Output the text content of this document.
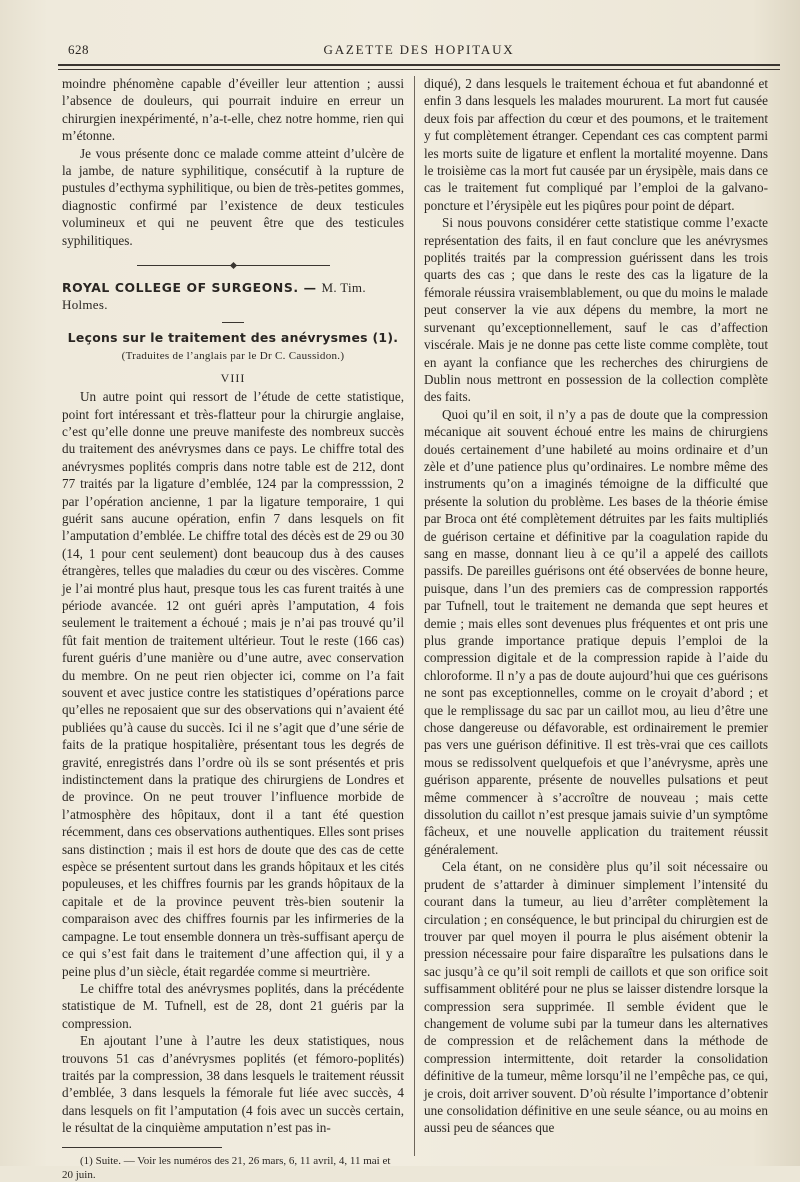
628	GAZETTE DES HOPITAUX

moindre phénomène capable d’éveiller leur attention ; aussi l’absence de douleurs, qui pourrait induire en erreur un chirurgien inexpérimenté, n’a-t-elle, chez notre homme, rien qui m’étonne.

Je vous présente donc ce malade comme atteint d’ulcère de la jambe, de nature syphilitique, consécutif à la rupture de pustules d’ecthyma syphilitique, ou bien de très-petites gommes, diagnostic confirmé par l’existence de deux testicules volumineux et qui ne peuvent être que des testicules syphilitiques.

ROYAL COLLEGE OF SURGEONS. — M. Tim. Holmes.
Leçons sur le traitement des anévrysmes (1).
(Traduites de l’anglais par le Dr C. Caussidon.)
VIII

Un autre point qui ressort de l’étude de cette statistique, point fort intéressant et très-flatteur pour la chirurgie anglaise, c’est qu’elle donne une preuve manifeste des nombreux succès du traitement des anévrysmes dans ce pays. Le chiffre total des anévrysmes poplités compris dans notre table est de 212, dont 77 traités par la ligature d’emblée, 124 par la compresssion, 2 par l’opération ancienne, 1 par la ligature temporaire, 1 qui guérit sans aucune opération, enfin 7 dans lesquels on fit l’amputation d’emblée. Le chiffre total des décès est de 29 ou 30 (14, 1 pour cent seulement) dont beaucoup dus à des causes étrangères, telles que maladies du cœur ou des viscères. Comme je l’ai montré plus haut, presque tous les cas furent traités à une période avancée. 12 ont guéri après l’amputation, 4 fois seulement le traitement a échoué ; mais je n’ai pas trouvé qu’il fût fait mention de traitement ultérieur. Tout le reste (166 cas) furent guéris d’une manière ou d’une autre, avec conservation du membre. On ne peut rien objecter ici, comme on l’a fait souvent et avec justice contre les statistiques d’opérations parce qu’elles ne reposaient que sur des observations qui n’avaient été publiées qu’à cause du succès. Ici il ne s’agit que d’une série de faits de la pratique hospitalière, présentant tous les degrés de gravité, enregistrés dans l’ordre où ils se sont présentés et pris indistinctement dans la pratique des chirurgiens de Londres et de province. On ne peut trouver l’influence morbide de l’atmosphère des hôpitaux, dont il a tant été question récemment, dans ces observations authentiques. Elles sont prises sans distinction ; mais il est hors de doute que des cas de cette espèce se présentent surtout dans les grands hôpitaux et les cités populeuses, et les chiffres fournis par les grands hôpitaux de la capitale et de la province peuvent très-bien soutenir la comparaison avec des chiffres fournis par les infirmeries de la campagne. Le tout ensemble donnera un très-suffisant aperçu de ce qui s’est fait dans le traitement d’une affection qui, il y a peine plus d’un siècle, était regardée comme si meurtrière.

Le chiffre total des anévrysmes poplités, dans la précédente statistique de M. Tufnell, est de 28, dont 21 guéris par la compression.

En ajoutant l’une à l’autre les deux statistiques, nous trouvons 51 cas d’anévrysmes poplités (et fémoro-poplités) traités par la compression, 38 dans lesquels le traitement réussit d’emblée, 3 dans lesquels la fémorale fut liée avec succès, 4 dans lesquels on fit l’amputation (4 fois avec un succès certain, le résultat de la cinquième amputation n’est pas in-

(1) Suite. — Voir les numéros des 21, 26 mars, 6, 11 avril, 4, 11 mai et 20 juin.

diqué), 2 dans lesquels le traitement échoua et fut abandonné et enfin 3 dans lesquels les malades moururent. La mort fut causée deux fois par affection du cœur et des poumons, et le traitement y fut complètement étranger. Cependant ces cas comptent parmi les morts suite de ligature et enflent la mortalité moyenne. Dans le troisième cas la mort fut causée par un érysipèle, mais dans ce cas le traitement fut compliqué par l’emploi de la galvano-poncture et l’érysipèle eut les piqûres pour point de départ.

Si nous pouvons considérer cette statistique comme l’exacte représentation des faits, il en faut conclure que les anévrysmes poplités traités par la compression guérissent dans les trois quarts des cas ; que dans le reste des cas la ligature de la fémorale réussira vraisemblablement, ou que du moins le malade peut conserver la vie aux dépens du membre, la mort ne survenant qu’exceptionnellement, sauf le cas d’affection viscérale. Mais je ne donne pas cette liste comme complète, tout en ayant la confiance que les recherches des chirurgiens de Dublin nous mettront en possession de la collection complète des faits.

Quoi qu’il en soit, il n’y a pas de doute que la compression mécanique ait souvent échoué entre les mains de chirurgiens doués certainement d’une habileté au moins ordinaire et d’un zèle et d’une patience plus qu’ordinaires. Le nombre même des instruments qu’on a imaginés témoigne de la difficulté que présente la solution du problème. Les bases de la théorie émise par Broca ont été complètement détruites par les faits multipliés de guérison certaine et définitive par la coagulation rapide du sang en masse, donnant lieu à ce qu’il a appelé des caillots passifs. De pareilles guérisons ont été observées de bonne heure, puisque, dans l’un des premiers cas de compression rapportés par Tufnell, tout le traitement ne demanda que sept heures et demie ; mais elles sont devenues plus fréquentes et ont pris une plus grande importance pratique depuis l’emploi de la compression digitale et de la compression rapide à l’aide du chloroforme. Il n’y a pas de doute aujourd’hui que ces guérisons ne sont pas exceptionnelles, comme on le croyait d’abord ; et que le remplissage du sac par un caillot mou, au lieu d’être une chose dangereuse ou défavorable, est ordinairement le premier pas vers une guérison définitive. Il est très-vrai que ces caillots mous se redissolvent quelquefois et que l’anévrysme, après une guérison apparente, présente de nouvelles pulsations et peut même commencer à s’accroître de nouveau ; mais cette dissolution du caillot n’est presque jamais suivie d’un symptôme fâcheux, et une nouvelle application du traitement réussit généralement.

Cela étant, on ne considère plus qu’il soit nécessaire ou prudent de s’attarder à diminuer simplement l’intensité du courant dans la tumeur, au lieu d’arrêter complètement la circulation ; en conséquence, le but principal du chirurgien est de trouver par quel moyen il pourra le plus aisément obtenir la pression nécessaire pour faire disparaître les pulsations dans le sac jusqu’à ce qu’il soit rempli de caillots et que son orifice soit suffisamment oblitéré pour ne plus se laisser distendre lorsque la compression sera supprimée. Il semble évident que le changement de volume subi par la tumeur dans les alternatives de compression et de relâchement dans la méthode de compression intermittente, doit retarder la consolidation définitive de la tumeur, même lorsqu’il ne l’empêche pas, ce qui, je crois, doit arriver souvent. D’où résulte l’importance d’obtenir une consolidation définitive en une seule séance, ou au moins en aussi peu de séances que
